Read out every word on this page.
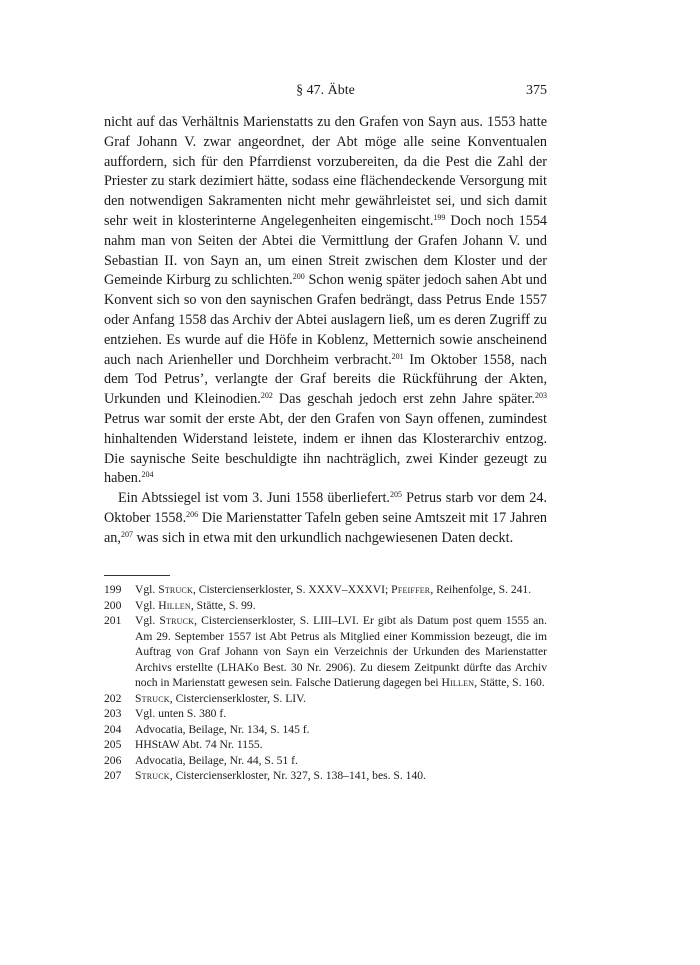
§ 47. Äbte	375

nicht auf das Verhältnis Marienstatts zu den Grafen von Sayn aus. 1553 hatte Graf Johann V. zwar angeordnet, der Abt möge alle seine Konventualen auffordern, sich für den Pfarrdienst vorzubereiten, da die Pest die Zahl der Priester zu stark dezimiert hätte, sodass eine flächendeckende Versorgung mit den notwendigen Sakramenten nicht mehr gewährleistet sei, und sich damit sehr weit in klosterinterne Angelegenheiten eingemischt.$^{199}$ Doch noch 1554 nahm man von Seiten der Abtei die Vermittlung der Grafen Johann V. und Sebastian II. von Sayn an, um einen Streit zwischen dem Kloster und der Gemeinde Kirburg zu schlichten.$^{200}$ Schon wenig später jedoch sahen Abt und Konvent sich so von den saynischen Grafen bedrängt, dass Petrus Ende 1557 oder Anfang 1558 das Archiv der Abtei auslagern ließ, um es deren Zugriff zu entziehen. Es wurde auf die Höfe in Koblenz, Metternich sowie anscheinend auch nach Arienheller und Dorchheim verbracht.$^{201}$ Im Oktober 1558, nach dem Tod Petrus’, verlangte der Graf bereits die Rückführung der Akten, Urkunden und Kleinodien.$^{202}$ Das geschah jedoch erst zehn Jahre später.$^{203}$ Petrus war somit der erste Abt, der den Grafen von Sayn offenen, zumindest hinhaltenden Widerstand leistete, indem er ihnen das Klosterarchiv entzog. Die saynische Seite beschuldigte ihn nachträglich, zwei Kinder gezeugt zu haben.$^{204}$

Ein Abtssiegel ist vom 3. Juni 1558 überliefert.$^{205}$ Petrus starb vor dem 24. Oktober 1558.$^{206}$ Die Marienstatter Tafeln geben seine Amtszeit mit 17 Jahren an,$^{207}$ was sich in etwa mit den urkundlich nachgewiesenen Daten deckt.

199	Vgl. Struck, Cistercienserkloster, S. XXXV–XXXVI; Pfeiffer, Reihenfolge, S. 241.
200	Vgl. Hillen, Stätte, S. 99.
201	Vgl. Struck, Cistercienserkloster, S. LIII–LVI. Er gibt als Datum post quem 1555 an. Am 29. September 1557 ist Abt Petrus als Mitglied einer Kommission bezeugt, die im Auftrag von Graf Johann von Sayn ein Verzeichnis der Urkunden des Marienstatter Archivs erstellte (LHAKo Best. 30 Nr. 2906). Zu diesem Zeitpunkt dürfte das Archiv noch in Marienstatt gewesen sein. Falsche Datierung dagegen bei Hillen, Stätte, S. 160.
202	Struck, Cistercienserkloster, S. LIV.
203	Vgl. unten S. 380 f.
204	Advocatia, Beilage, Nr. 134, S. 145 f.
205	HHStAW Abt. 74 Nr. 1155.
206	Advocatia, Beilage, Nr. 44, S. 51 f.
207	Struck, Cistercienserkloster, Nr. 327, S. 138–141, bes. S. 140.
